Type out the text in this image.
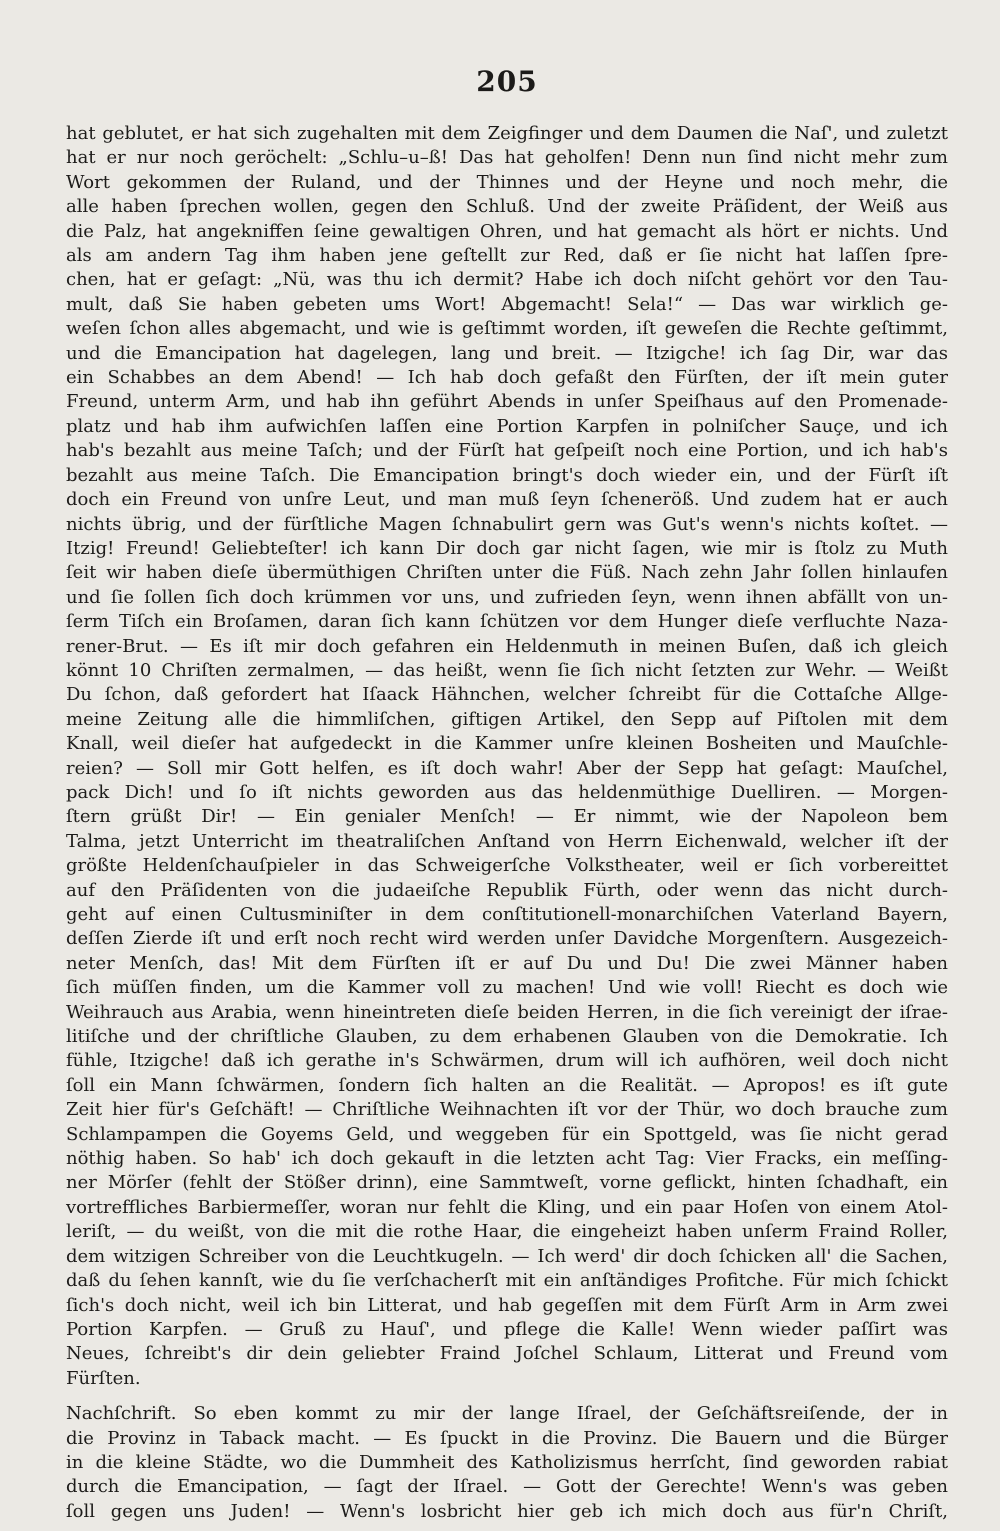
205
hat geblutet, er hat sich zugehalten mit dem Zeigfinger und dem Daumen die Naſ', und zuletzt
hat er nur noch geröchelt: „Schlu–u–ß! Das hat geholfen! Denn nun ſind nicht mehr zum
Wort gekommen der Ruland, und der Thinnes und der Heyne und noch mehr, die
alle haben ſprechen wollen, gegen den Schluß. Und der zweite Präſident, der Weiß aus
die Palz, hat angekniffen ſeine gewaltigen Ohren, und hat gemacht als hört er nichts. Und
als am andern Tag ihm haben jene geſtellt zur Red, daß er ſie nicht hat laſſen ſpre-
chen, hat er geſagt: „Nü, was thu ich dermit? Habe ich doch niſcht gehört vor den Tau-
mult, daß Sie haben gebeten ums Wort! Abgemacht! Sela!“ — Das war wirklich ge-
weſen ſchon alles abgemacht, und wie is geſtimmt worden, iſt geweſen die Rechte geſtimmt,
und die Emancipation hat dagelegen, lang und breit. — Itzigche! ich ſag Dir, war das
ein Schabbes an dem Abend! — Ich hab doch gefaßt den Fürſten, der iſt mein guter
Freund, unterm Arm, und hab ihn geführt Abends in unſer Speiſhaus auf den Promenade-
platz und hab ihm aufwichſen laſſen eine Portion Karpfen in polniſcher Sauçe, und ich
hab's bezahlt aus meine Taſch; und der Fürſt hat geſpeiſt noch eine Portion, und ich hab's
bezahlt aus meine Taſch. Die Emancipation bringt's doch wieder ein, und der Fürſt iſt
doch ein Freund von unſre Leut, und man muß ſeyn ſcheneröß. Und zudem hat er auch
nichts übrig, und der fürſtliche Magen ſchnabulirt gern was Gut's wenn's nichts koſtet. —
Itzig! Freund! Geliebteſter! ich kann Dir doch gar nicht ſagen, wie mir is ſtolz zu Muth
ſeit wir haben dieſe übermüthigen Chriſten unter die Füß. Nach zehn Jahr ſollen hinlaufen
und ſie ſollen ſich doch krümmen vor uns, und zufrieden ſeyn, wenn ihnen abfällt von un-
ſerm Tiſch ein Broſamen, daran ſich kann ſchützen vor dem Hunger dieſe verfluchte Naza-
rener-Brut. — Es iſt mir doch gefahren ein Heldenmuth in meinen Buſen, daß ich gleich
könnt 10 Chriſten zermalmen, — das heißt, wenn ſie ſich nicht ſetzten zur Wehr. — Weißt
Du ſchon, daß gefordert hat Iſaack Hähnchen, welcher ſchreibt für die Cottaſche Allge-
meine Zeitung alle die himmliſchen, giftigen Artikel, den Sepp auf Piſtolen mit dem
Knall, weil dieſer hat aufgedeckt in die Kammer unſre kleinen Bosheiten und Mauſchle-
reien? — Soll mir Gott helfen, es iſt doch wahr! Aber der Sepp hat geſagt: Mauſchel,
pack Dich! und ſo iſt nichts geworden aus das heldenmüthige Duelliren. — Morgen-
ſtern grüßt Dir! — Ein genialer Menſch! — Er nimmt, wie der Napoleon bem
Talma, jetzt Unterricht im theatraliſchen Anſtand von Herrn Eichenwald, welcher iſt der
größte Heldenſchauſpieler in das Schweigerſche Volkstheater, weil er ſich vorbereittet
auf den Präſidenten von die judaeiſche Republik Fürth, oder wenn das nicht durch-
geht auf einen Cultusminiſter in dem conſtitutionell-monarchiſchen Vaterland Bayern,
deſſen Zierde iſt und erſt noch recht wird werden unſer Davidche Morgenſtern. Ausgezeich-
neter Menſch, das! Mit dem Fürſten iſt er auf Du und Du! Die zwei Männer haben
ſich müſſen finden, um die Kammer voll zu machen! Und wie voll! Riecht es doch wie
Weihrauch aus Arabia, wenn hineintreten dieſe beiden Herren, in die ſich vereinigt der iſrae-
litiſche und der chriſtliche Glauben, zu dem erhabenen Glauben von die Demokratie. Ich
fühle, Itzigche! daß ich gerathe in's Schwärmen, drum will ich aufhören, weil doch nicht
ſoll ein Mann ſchwärmen, ſondern ſich halten an die Realität. — Apropos! es iſt gute
Zeit hier für's Geſchäft! — Chriſtliche Weihnachten iſt vor der Thür, wo doch brauche zum
Schlampampen die Goyems Geld, und weggeben für ein Spottgeld, was ſie nicht gerad
nöthig haben. So hab' ich doch gekauft in die letzten acht Tag: Vier Fracks, ein meſſing-
ner Mörſer (fehlt der Stößer drinn), eine Sammtweſt, vorne geflickt, hinten ſchadhaft, ein
vortreffliches Barbiermeſſer, woran nur fehlt die Kling, und ein paar Hoſen von einem Atol-
leriſt, — du weißt, von die mit die rothe Haar, die eingeheizt haben unſerm Fraind Roller,
dem witzigen Schreiber von die Leuchtkugeln. — Ich werd' dir doch ſchicken all' die Sachen,
daß du ſehen kannſt, wie du ſie verſchacherſt mit ein anſtändiges Profitche. Für mich ſchickt
ſich's doch nicht, weil ich bin Litterat, und hab gegeſſen mit dem Fürſt Arm in Arm zwei
Portion Karpfen. — Gruß zu Hauſ', und pflege die Kalle! Wenn wieder paſſirt was
Neues, ſchreibt's dir dein geliebter Fraind Joſchel Schlaum, Litterat und Freund vom
Fürſten.
Nachſchrift. So eben kommt zu mir der lange Iſrael, der Geſchäftsreiſende, der in
die Provinz in Taback macht. — Es ſpuckt in die Provinz. Die Bauern und die Bürger
in die kleine Städte, wo die Dummheit des Katholizismus herrſcht, ſind geworden rabiat
durch die Emancipation, — ſagt der Iſrael. — Gott der Gerechte! Wenn's was geben
ſoll gegen uns Juden! — Wenn's losbricht hier geb ich mich doch aus für'n Chriſt,
